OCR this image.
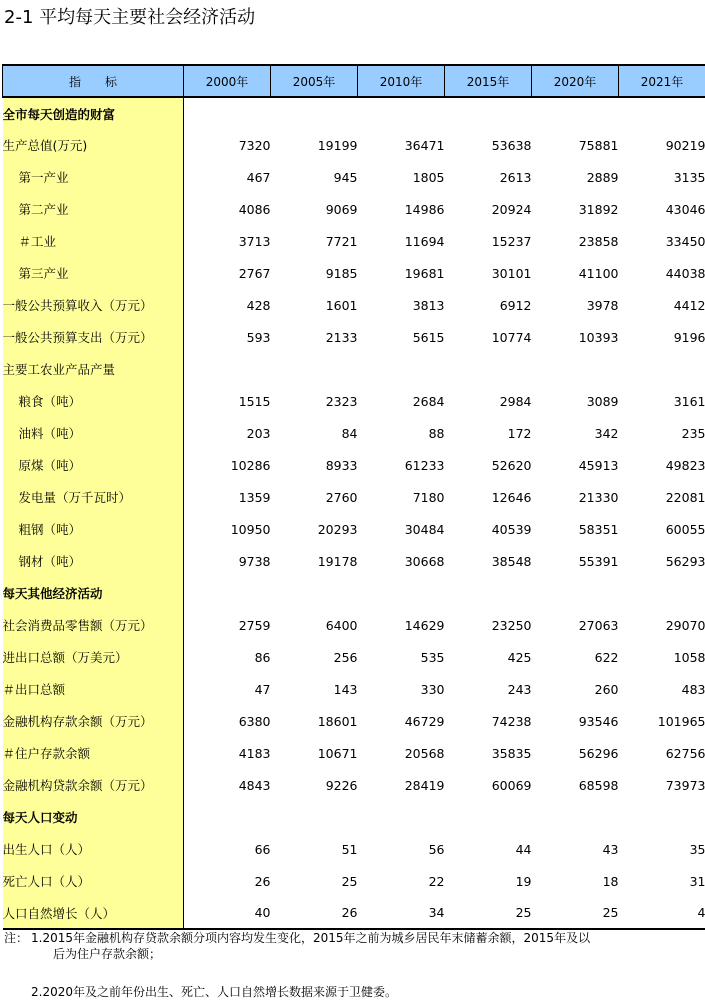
2-1 平均每天主要社会经济活动
指　　标	2000年	2005年	2010年	2015年	2020年	2021年
全市每天创造的财富						
生产总值(万元)	7320	19199	36471	53638	75881	90219
第一产业	467	945	1805	2613	2889	3135
第二产业	4086	9069	14986	20924	31892	43046
＃工业	3713	7721	11694	15237	23858	33450
第三产业	2767	9185	19681	30101	41100	44038
一般公共预算收入（万元）	428	1601	3813	6912	3978	4412
一般公共预算支出（万元）	593	2133	5615	10774	10393	9196
主要工农业产品产量						
粮食（吨）	1515	2323	2684	2984	3089	3161
油料（吨）	203	84	88	172	342	235
原煤（吨）	10286	8933	61233	52620	45913	49823
发电量（万千瓦时）	1359	2760	7180	12646	21330	22081
粗钢（吨）	10950	20293	30484	40539	58351	60055
钢材（吨）	9738	19178	30668	38548	55391	56293
每天其他经济活动						
社会消费品零售额（万元）	2759	6400	14629	23250	27063	29070
进出口总额（万美元）	86	256	535	425	622	1058
＃出口总额	47	143	330	243	260	483
金融机构存款余额（万元）	6380	18601	46729	74238	93546	101965
＃住户存款余额	4183	10671	20568	35835	56296	62756
金融机构贷款余额（万元）	4843	9226	28419	60069	68598	73973
每天人口变动						
出生人口（人）	66	51	56	44	43	35
死亡人口（人）	26	25	22	19	18	31
人口自然增长（人）	40	26	34	25	25	4
注： 1.2015年金融机构存贷款余额分项内容均发生变化，2015年之前为城乡居民年末储蓄余额，2015年及以
后为住户存款余额；
2.2020年及之前年份出生、死亡、人口自然增长数据来源于卫健委。
